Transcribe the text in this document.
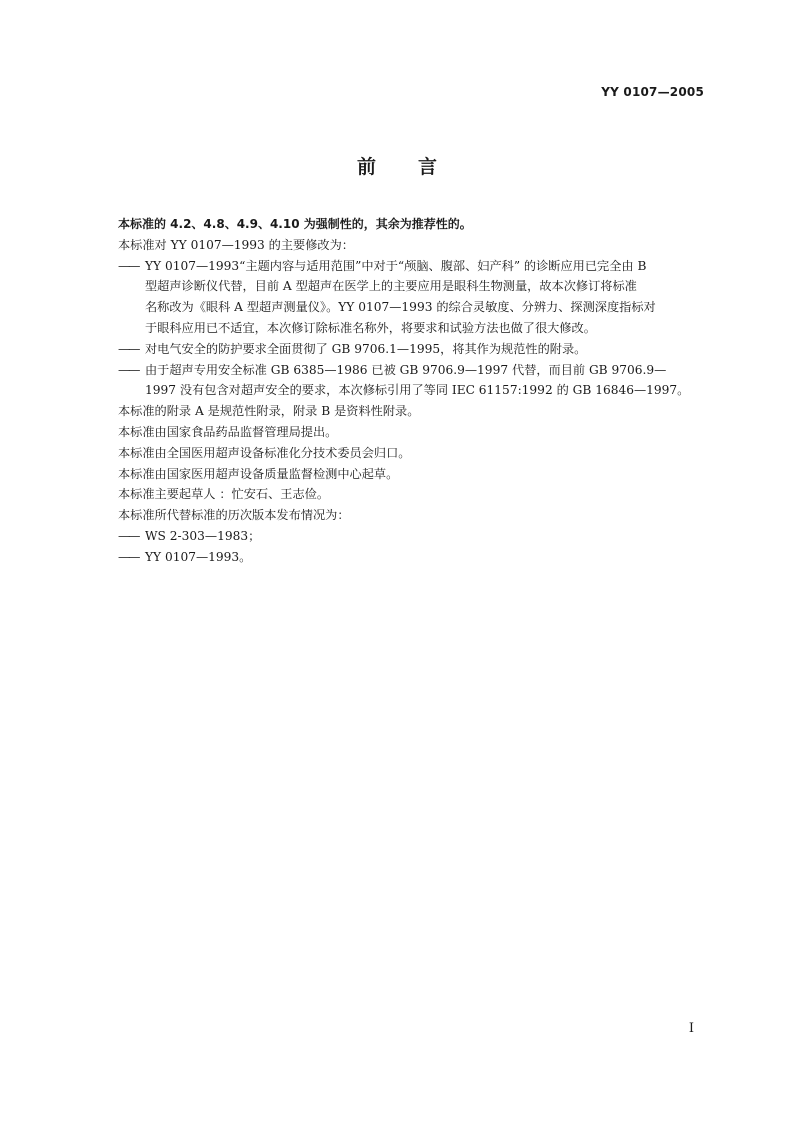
YY 0107—2005
前言

本标准的 4.2、4.8、4.9、4.10 为强制性的，其余为推荐性的。

本标准对 YY 0107—1993 的主要修改为：

—— YY 0107—1993“主题内容与适用范围”中对于“颅脑、腹部、妇产科” 的诊断应用已完全由 B
型超声诊断仪代替，目前 A 型超声在医学上的主要应用是眼科生物测量，故本次修订将标准
名称改为《眼科 A 型超声测量仪》。YY 0107—1993 的综合灵敏度、分辨力、探测深度指标对
于眼科应用已不适宜，本次修订除标准名称外，将要求和试验方法也做了很大修改。
—— 对电气安全的防护要求全面贯彻了 GB 9706.1—1995，将其作为规范性的附录。
—— 由于超声专用安全标准 GB 6385—1986 已被 GB 9706.9—1997 代替，而目前 GB 9706.9—
1997 没有包含对超声安全的要求，本次修标引用了等同 IEC 61157:1992 的 GB 16846—1997。

本标准的附录 A 是规范性附录，附录 B 是资料性附录。

本标准由国家食品药品监督管理局提出。

本标准由全国医用超声设备标准化分技术委员会归口。

本标准由国家医用超声设备质量监督检测中心起草。

本标准主要起草人 ：忙安石、王志俭。

本标准所代替标准的历次版本发布情况为：

—— WS 2-303—1983；
—— YY 0107—1993。
I
